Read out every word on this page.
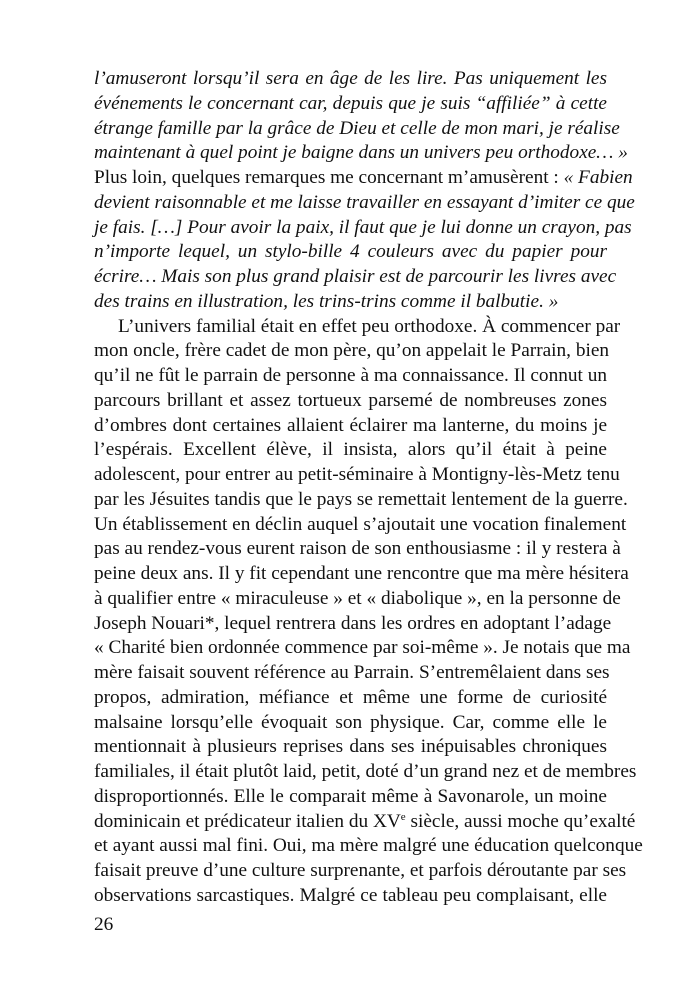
l’amuseront lorsqu’il sera en âge de les lire. Pas uniquement les
événements le concernant car, depuis que je suis “affiliée” à cette
étrange famille par la grâce de Dieu et celle de mon mari, je réalise
maintenant à quel point je baigne dans un univers peu orthodoxe… »
Plus loin, quelques remarques me concernant m’amusèrent : « Fabien
devient raisonnable et me laisse travailler en essayant d’imiter ce que
je fais. […] Pour avoir la paix, il faut que je lui donne un crayon, pas
n’importe lequel, un stylo-bille 4 couleurs avec du papier pour
écrire… Mais son plus grand plaisir est de parcourir les livres avec
des trains en illustration, les trins-trins comme il balbutie. »
L’univers familial était en effet peu orthodoxe. À commencer par
mon oncle, frère cadet de mon père, qu’on appelait le Parrain, bien
qu’il ne fût le parrain de personne à ma connaissance. Il connut un
parcours brillant et assez tortueux parsemé de nombreuses zones
d’ombres dont certaines allaient éclairer ma lanterne, du moins je
l’espérais. Excellent élève, il insista, alors qu’il était à peine
adolescent, pour entrer au petit-séminaire à Montigny-lès-Metz tenu
par les Jésuites tandis que le pays se remettait lentement de la guerre.
Un établissement en déclin auquel s’ajoutait une vocation finalement
pas au rendez-vous eurent raison de son enthousiasme : il y restera à
peine deux ans. Il y fit cependant une rencontre que ma mère hésitera
à qualifier entre « miraculeuse » et « diabolique », en la personne de
Joseph Nouari*, lequel rentrera dans les ordres en adoptant l’adage
« Charité bien ordonnée commence par soi-même ». Je notais que ma
mère faisait souvent référence au Parrain. S’entremêlaient dans ses
propos, admiration, méfiance et même une forme de curiosité
malsaine lorsqu’elle évoquait son physique. Car, comme elle le
mentionnait à plusieurs reprises dans ses inépuisables chroniques
familiales, il était plutôt laid, petit, doté d’un grand nez et de membres
disproportionnés. Elle le comparait même à Savonarole, un moine
dominicain et prédicateur italien du XVe siècle, aussi moche qu’exalté
et ayant aussi mal fini. Oui, ma mère malgré une éducation quelconque
faisait preuve d’une culture surprenante, et parfois déroutante par ses
observations sarcastiques. Malgré ce tableau peu complaisant, elle
26
